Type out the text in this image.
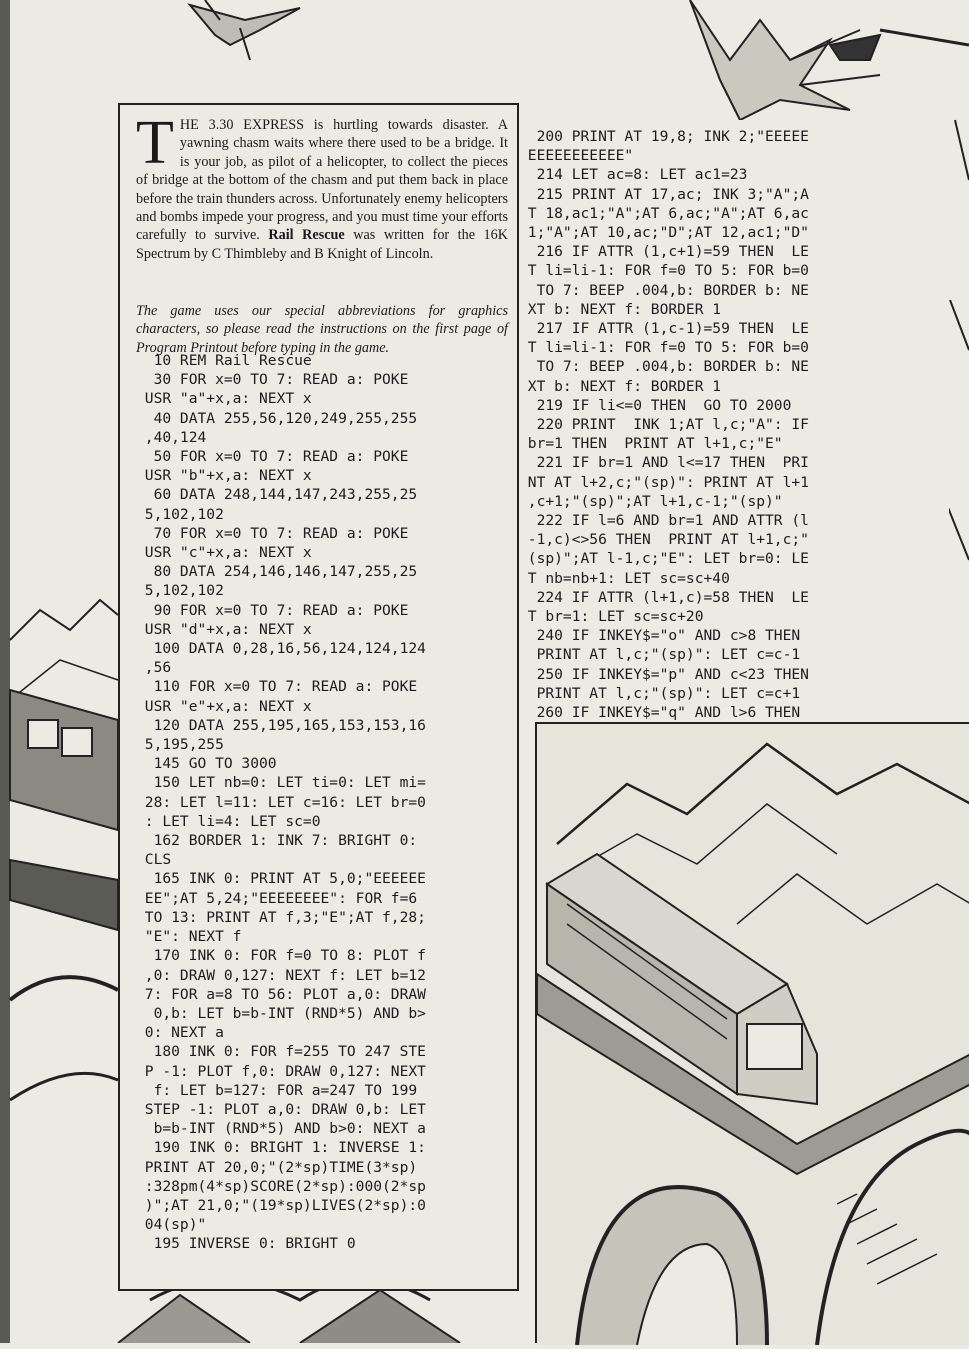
THE 3.30 EXPRESS is hurtling towards disaster. A yawning chasm waits where there used to be a bridge. It is your job, as pilot of a helicopter, to collect the pieces of bridge at the bottom of the chasm and put them back in place before the train thunders across. Unfortunately enemy helicopters and bombs impede your progress, and you must time your efforts carefully to survive. Rail Rescue was written for the 16K Spectrum by C Thimbleby and B Knight of Lincoln.

The game uses our special abbreviations for graphics characters, so please read the instructions on the first page of Program Printout before typing in the game.

10 REM Rail Rescue
30 FOR x=0 TO 7: READ a: POKE
USR "a"+x,a: NEXT x
40 DATA 255,56,120,249,255,255
,40,124
50 FOR x=0 TO 7: READ a: POKE
USR "b"+x,a: NEXT x
60 DATA 248,144,147,243,255,25
5,102,102
70 FOR x=0 TO 7: READ a: POKE
USR "c"+x,a: NEXT x
80 DATA 254,146,146,147,255,25
5,102,102
90 FOR x=0 TO 7: READ a: POKE
USR "d"+x,a: NEXT x
100 DATA 0,28,16,56,124,124,124
,56
110 FOR x=0 TO 7: READ a: POKE
USR "e"+x,a: NEXT x
120 DATA 255,195,165,153,153,16
5,195,255
145 GO TO 3000
150 LET nb=0: LET ti=0: LET mi=
28: LET l=11: LET c=16: LET br=0
: LET li=4: LET sc=0
162 BORDER 1: INK 7: BRIGHT 0:
CLS
165 INK 0: PRINT AT 5,0;"EEEEEE
EE";AT 5,24;"EEEEEEEE": FOR f=6
TO 13: PRINT AT f,3;"E";AT f,28;
"E": NEXT f
170 INK 0: FOR f=0 TO 8: PLOT f
,0: DRAW 0,127: NEXT f: LET b=12
7: FOR a=8 TO 56: PLOT a,0: DRAW
0,b: LET b=b-INT (RND*5) AND b>
0: NEXT a
180 INK 0: FOR f=255 TO 247 STE
P -1: PLOT f,0: DRAW 0,127: NEXT
f: LET b=127: FOR a=247 TO 199
STEP -1: PLOT a,0: DRAW 0,b: LET
b=b-INT (RND*5) AND b>0: NEXT a
190 INK 0: BRIGHT 1: INVERSE 1:
PRINT AT 20,0;"(2*sp)TIME(3*sp)
:328pm(4*sp)SCORE(2*sp):000(2*sp
)";AT 21,0;"(19*sp)LIVES(2*sp):0
04(sp)"
195 INVERSE 0: BRIGHT 0

200 PRINT AT 19,8; INK 2;"EEEEE
EEEEEEEEEEE"
214 LET ac=8: LET ac1=23
215 PRINT AT 17,ac; INK 3;"A";A
T 18,ac1;"A";AT 6,ac;"A";AT 6,ac
1;"A";AT 10,ac;"D";AT 12,ac1;"D"
216 IF ATTR (1,c+1)=59 THEN  LE
T li=li-1: FOR f=0 TO 5: FOR b=0
TO 7: BEEP .004,b: BORDER b: NE
XT b: NEXT f: BORDER 1
217 IF ATTR (1,c-1)=59 THEN  LE
T li=li-1: FOR f=0 TO 5: FOR b=0
TO 7: BEEP .004,b: BORDER b: NE
XT b: NEXT f: BORDER 1
219 IF li<=0 THEN  GO TO 2000
220 PRINT  INK 1;AT l,c;"A": IF
br=1 THEN  PRINT AT l+1,c;"E"
221 IF br=1 AND l<=17 THEN  PRI
NT AT l+2,c;"(sp)": PRINT AT l+1
,c+1;"(sp)";AT l+1,c-1;"(sp)"
222 IF l=6 AND br=1 AND ATTR (l
-1,c)<>56 THEN  PRINT AT l+1,c;"
(sp)";AT l-1,c;"E": LET br=0: LE
T nb=nb+1: LET sc=sc+40
224 IF ATTR (l+1,c)=58 THEN  LE
T br=1: LET sc=sc+20
240 IF INKEY$="o" AND c>8 THEN
PRINT AT l,c;"(sp)": LET c=c-1
250 IF INKEY$="p" AND c<23 THEN
PRINT AT l,c;"(sp)": LET c=c+1
260 IF INKEY$="q" AND l>6 THEN
